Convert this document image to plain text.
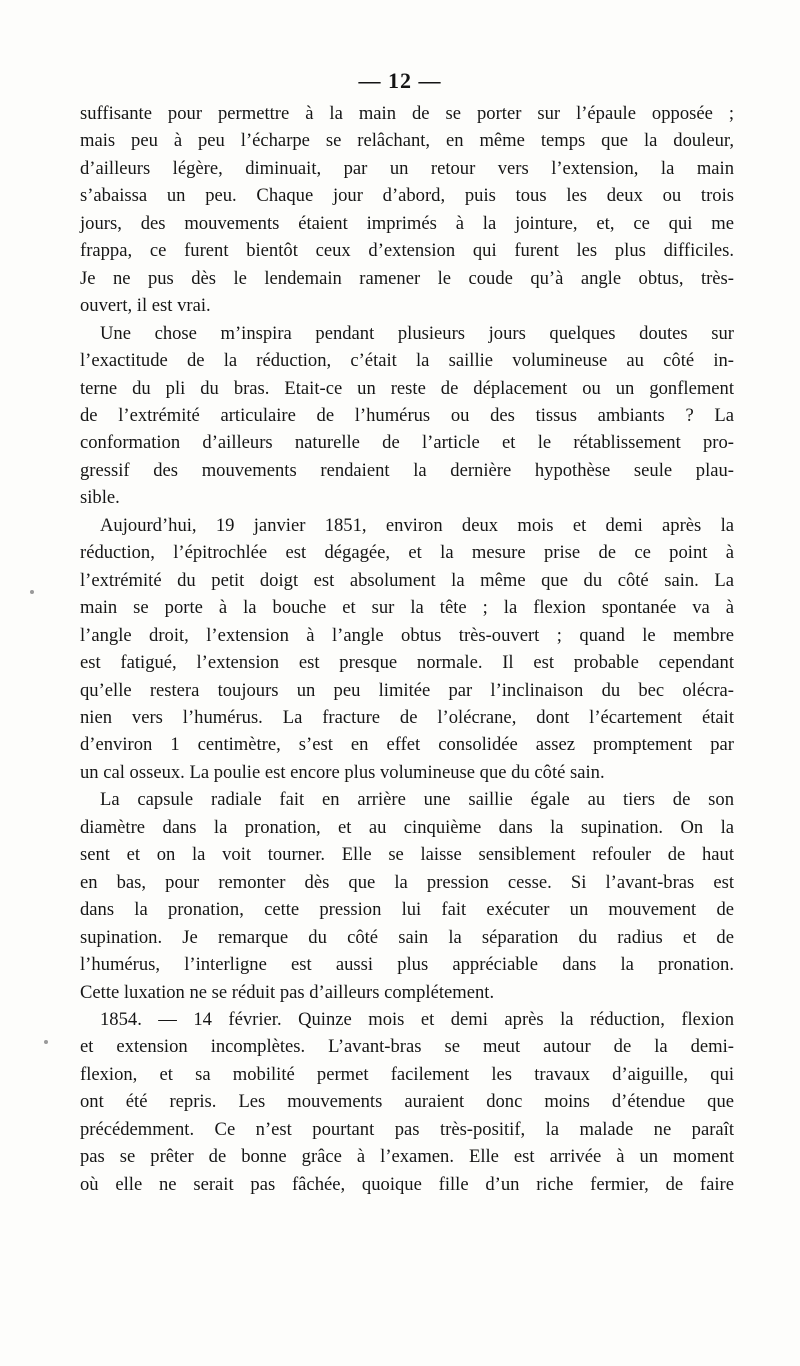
— 12 —
suffisante pour permettre à la main de se porter sur l’épaule opposée ;
mais peu à peu l’écharpe se relâchant, en même temps que la douleur,
d’ailleurs légère, diminuait, par un retour vers l’extension, la main
s’abaissa un peu. Chaque jour d’abord, puis tous les deux ou trois
jours, des mouvements étaient imprimés à la jointure, et, ce qui me
frappa, ce furent bientôt ceux d’extension qui furent les plus difficiles.
Je ne pus dès le lendemain ramener le coude qu’à angle obtus, très-
ouvert, il est vrai.
Une chose m’inspira pendant plusieurs jours quelques doutes sur
l’exactitude de la réduction, c’était la saillie volumineuse au côté in-
terne du pli du bras. Etait-ce un reste de déplacement ou un gonflement
de l’extrémité articulaire de l’humérus ou des tissus ambiants ? La
conformation d’ailleurs naturelle de l’article et le rétablissement pro-
gressif des mouvements rendaient la dernière hypothèse seule plau-
sible.
Aujourd’hui, 19 janvier 1851, environ deux mois et demi après la
réduction, l’épitrochlée est dégagée, et la mesure prise de ce point à
l’extrémité du petit doigt est absolument la même que du côté sain. La
main se porte à la bouche et sur la tête ; la flexion spontanée va à
l’angle droit, l’extension à l’angle obtus très-ouvert ; quand le membre
est fatigué, l’extension est presque normale. Il est probable cependant
qu’elle restera toujours un peu limitée par l’inclinaison du bec olécra-
nien vers l’humérus. La fracture de l’olécrane, dont l’écartement était
d’environ 1 centimètre, s’est en effet consolidée assez promptement par
un cal osseux. La poulie est encore plus volumineuse que du côté sain.
La capsule radiale fait en arrière une saillie égale au tiers de son
diamètre dans la pronation, et au cinquième dans la supination. On la
sent et on la voit tourner. Elle se laisse sensiblement refouler de haut
en bas, pour remonter dès que la pression cesse. Si l’avant-bras est
dans la pronation, cette pression lui fait exécuter un mouvement de
supination. Je remarque du côté sain la séparation du radius et de
l’humérus, l’interligne est aussi plus appréciable dans la pronation.
Cette luxation ne se réduit pas d’ailleurs complétement.
1854. — 14 février. Quinze mois et demi après la réduction, flexion
et extension incomplètes. L’avant-bras se meut autour de la demi-
flexion, et sa mobilité permet facilement les travaux d’aiguille, qui
ont été repris. Les mouvements auraient donc moins d’étendue que
précédemment. Ce n’est pourtant pas très-positif, la malade ne paraît
pas se prêter de bonne grâce à l’examen. Elle est arrivée à un moment
où elle ne serait pas fâchée, quoique fille d’un riche fermier, de faire
